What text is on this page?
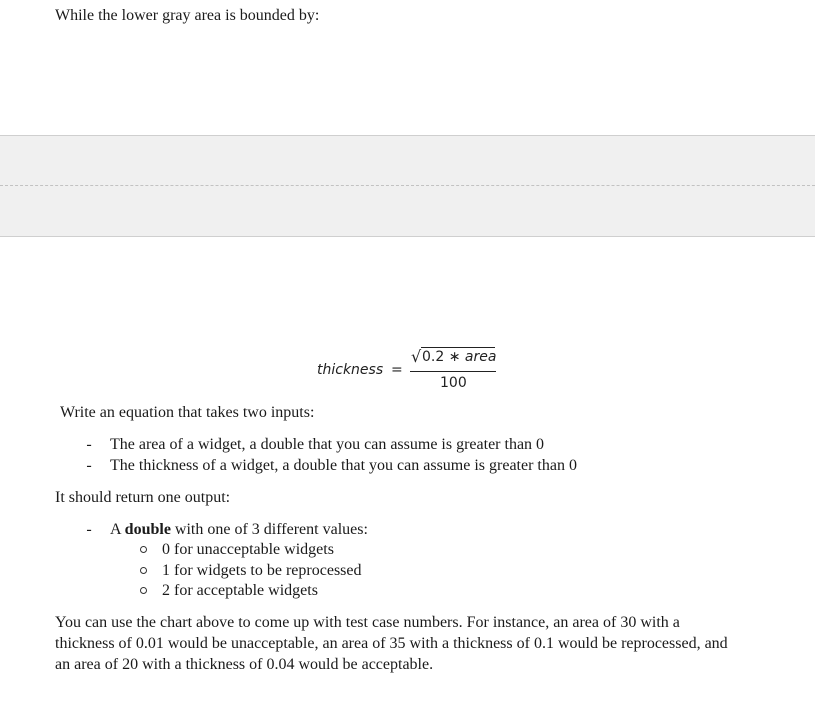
While the lower gray area is bounded by:
thickness =
√ 0.2 ∗ area
100
Write an equation that takes two inputs:
- The area of a widget, a double that you can assume is greater than 0
- The thickness of a widget, a double that you can assume is greater than 0
It should return one output:
- A double with one of 3 different values:
0 for unacceptable widgets
1 for widgets to be reprocessed
2 for acceptable widgets
You can use the chart above to come up with test case numbers. For instance, an area of 30 with a
thickness of 0.01 would be unacceptable, an area of 35 with a thickness of 0.1 would be reprocessed, and
an area of 20 with a thickness of 0.04 would be acceptable.
